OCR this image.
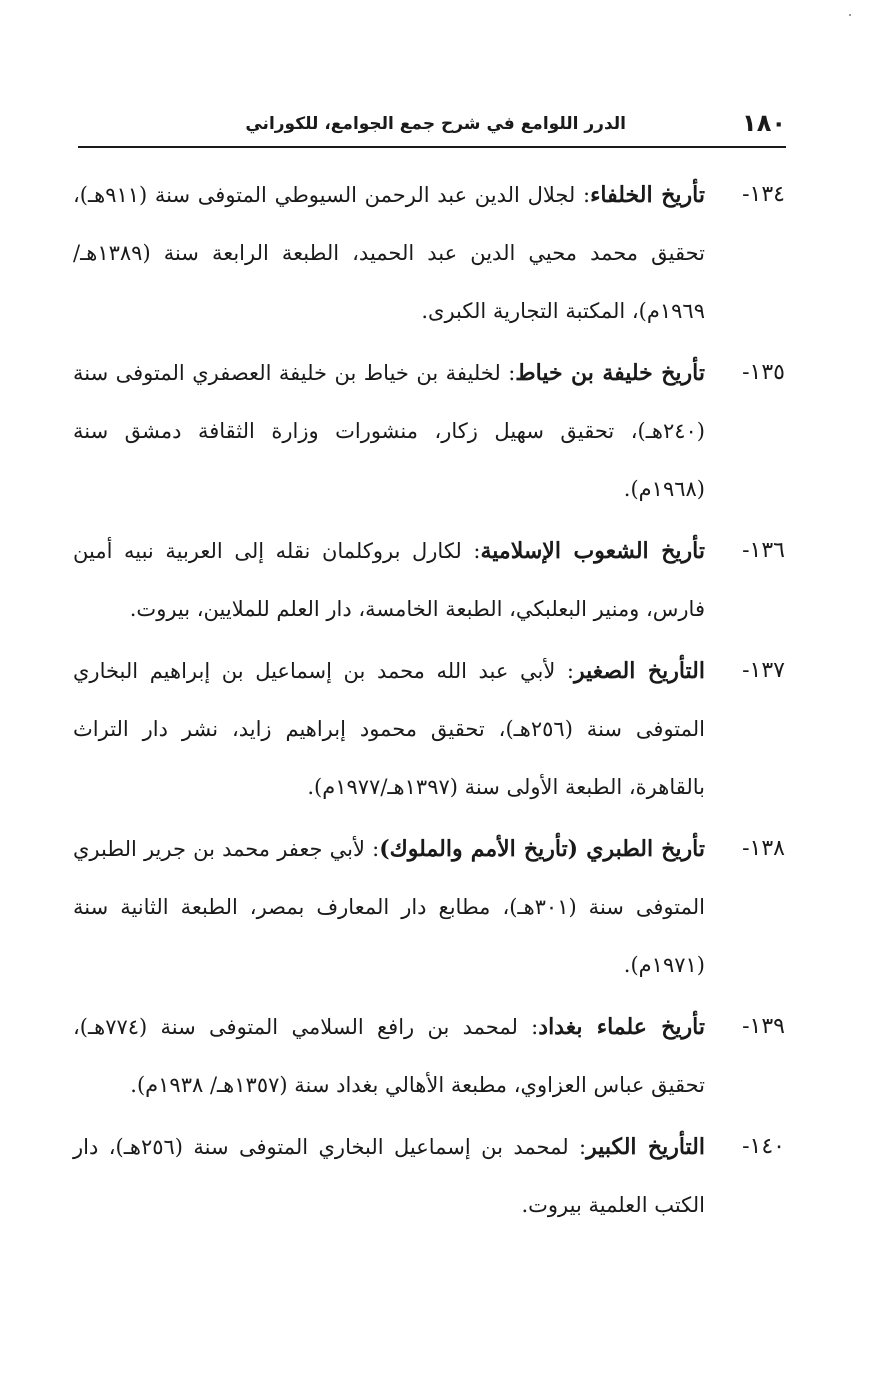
١٨٠
الدرر اللوامع في شرح جمع الجوامع، للكوراني
١٣٤-
تأريخ الخلفاء: لجلال الدين عبد الرحمن السيوطي المتوفى سنة (٩١١هـ)، تحقيق محمد محيي الدين عبد الحميد، الطبعة الرابعة سنة (١٣٨٩هـ/١٩٦٩م)، المكتبة التجارية الكبرى.
١٣٥-
تأريخ خليفة بن خياط: لخليفة بن خياط بن خليفة العصفري المتوفى سنة (٢٤٠هـ)، تحقيق سهيل زكار، منشورات وزارة الثقافة دمشق سنة (١٩٦٨م).
١٣٦-
تأريخ الشعوب الإسلامية: لكارل بروكلمان نقله إلى العربية نبيه أمين فارس، ومنير البعلبكي، الطبعة الخامسة، دار العلم للملايين، بيروت.
١٣٧-
التأريخ الصغير: لأبي عبد الله محمد بن إسماعيل بن إبراهيم البخاري المتوفى سنة (٢٥٦هـ)، تحقيق محمود إبراهيم زايد، نشر دار التراث بالقاهرة، الطبعة الأولى سنة (١٣٩٧هـ/١٩٧٧م).
١٣٨-
تأريخ الطبري (تأريخ الأمم والملوك): لأبي جعفر محمد بن جرير الطبري المتوفى سنة (٣٠١هـ)، مطابع دار المعارف بمصر، الطبعة الثانية سنة (١٩٧١م).
١٣٩-
تأريخ علماء بغداد: لمحمد بن رافع السلامي المتوفى سنة (٧٧٤هـ)، تحقيق عباس العزاوي، مطبعة الأهالي بغداد سنة (١٣٥٧هـ/ ١٩٣٨م).
١٤٠-
التأريخ الكبير: لمحمد بن إسماعيل البخاري المتوفى سنة (٢٥٦هـ)، دار الكتب العلمية بيروت.
